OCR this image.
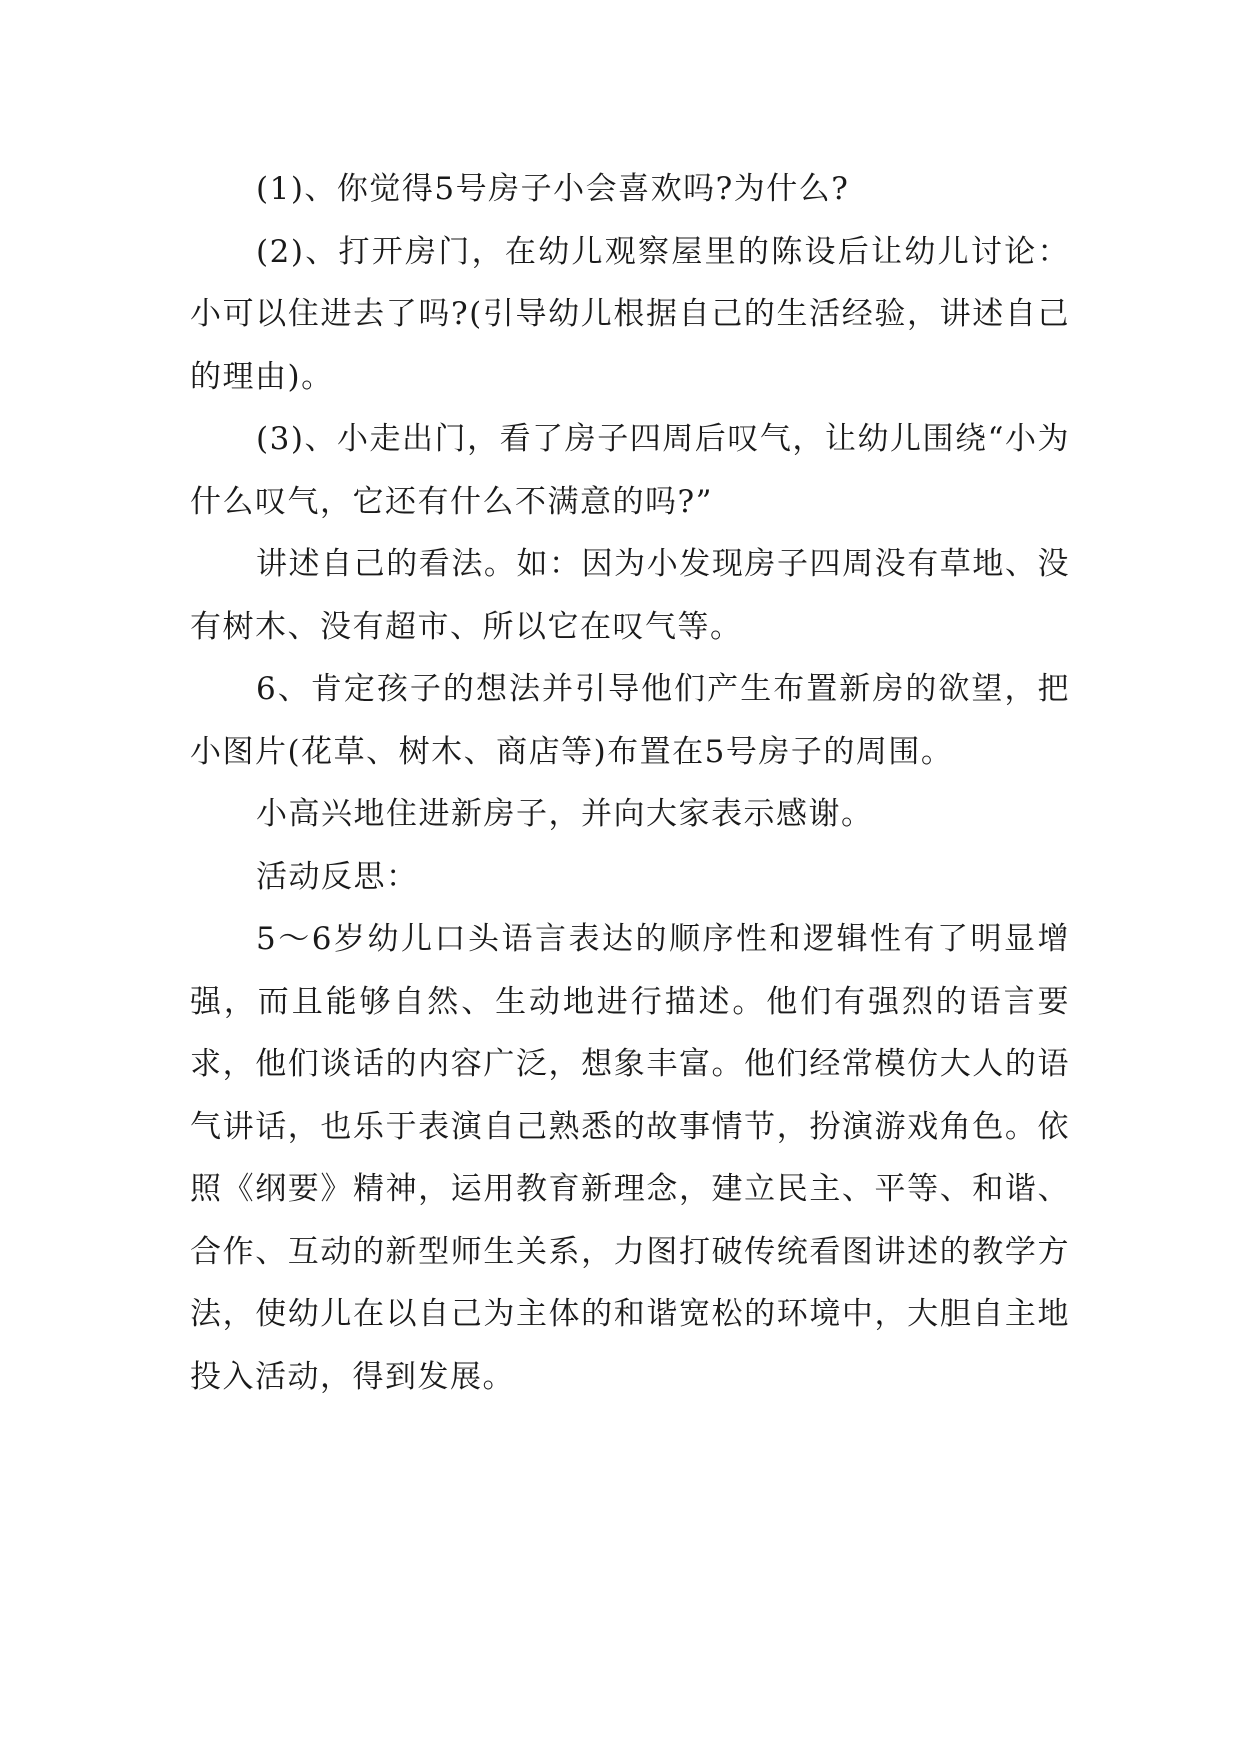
(1)、你觉得5号房子小会喜欢吗?为什么?

(2)、打开房门，在幼儿观察屋里的陈设后让幼儿讨论：小可以住进去了吗?(引导幼儿根据自己的生活经验，讲述自己的理由)。

(3)、小走出门，看了房子四周后叹气，让幼儿围绕“小为什么叹气，它还有什么不满意的吗?”

讲述自己的看法。如：因为小发现房子四周没有草地、没有树木、没有超市、所以它在叹气等。

6、肯定孩子的想法并引导他们产生布置新房的欲望，把小图片(花草、树木、商店等)布置在5号房子的周围。

小高兴地住进新房子，并向大家表示感谢。

活动反思：

5～6岁幼儿口头语言表达的顺序性和逻辑性有了明显增强，而且能够自然、生动地进行描述。他们有强烈的语言要求，他们谈话的内容广泛，想象丰富。他们经常模仿大人的语气讲话，也乐于表演自己熟悉的故事情节，扮演游戏角色。依照《纲要》精神，运用教育新理念，建立民主、平等、和谐、合作、互动的新型师生关系，力图打破传统看图讲述的教学方法，使幼儿在以自己为主体的和谐宽松的环境中，大胆自主地投入活动，得到发展。
